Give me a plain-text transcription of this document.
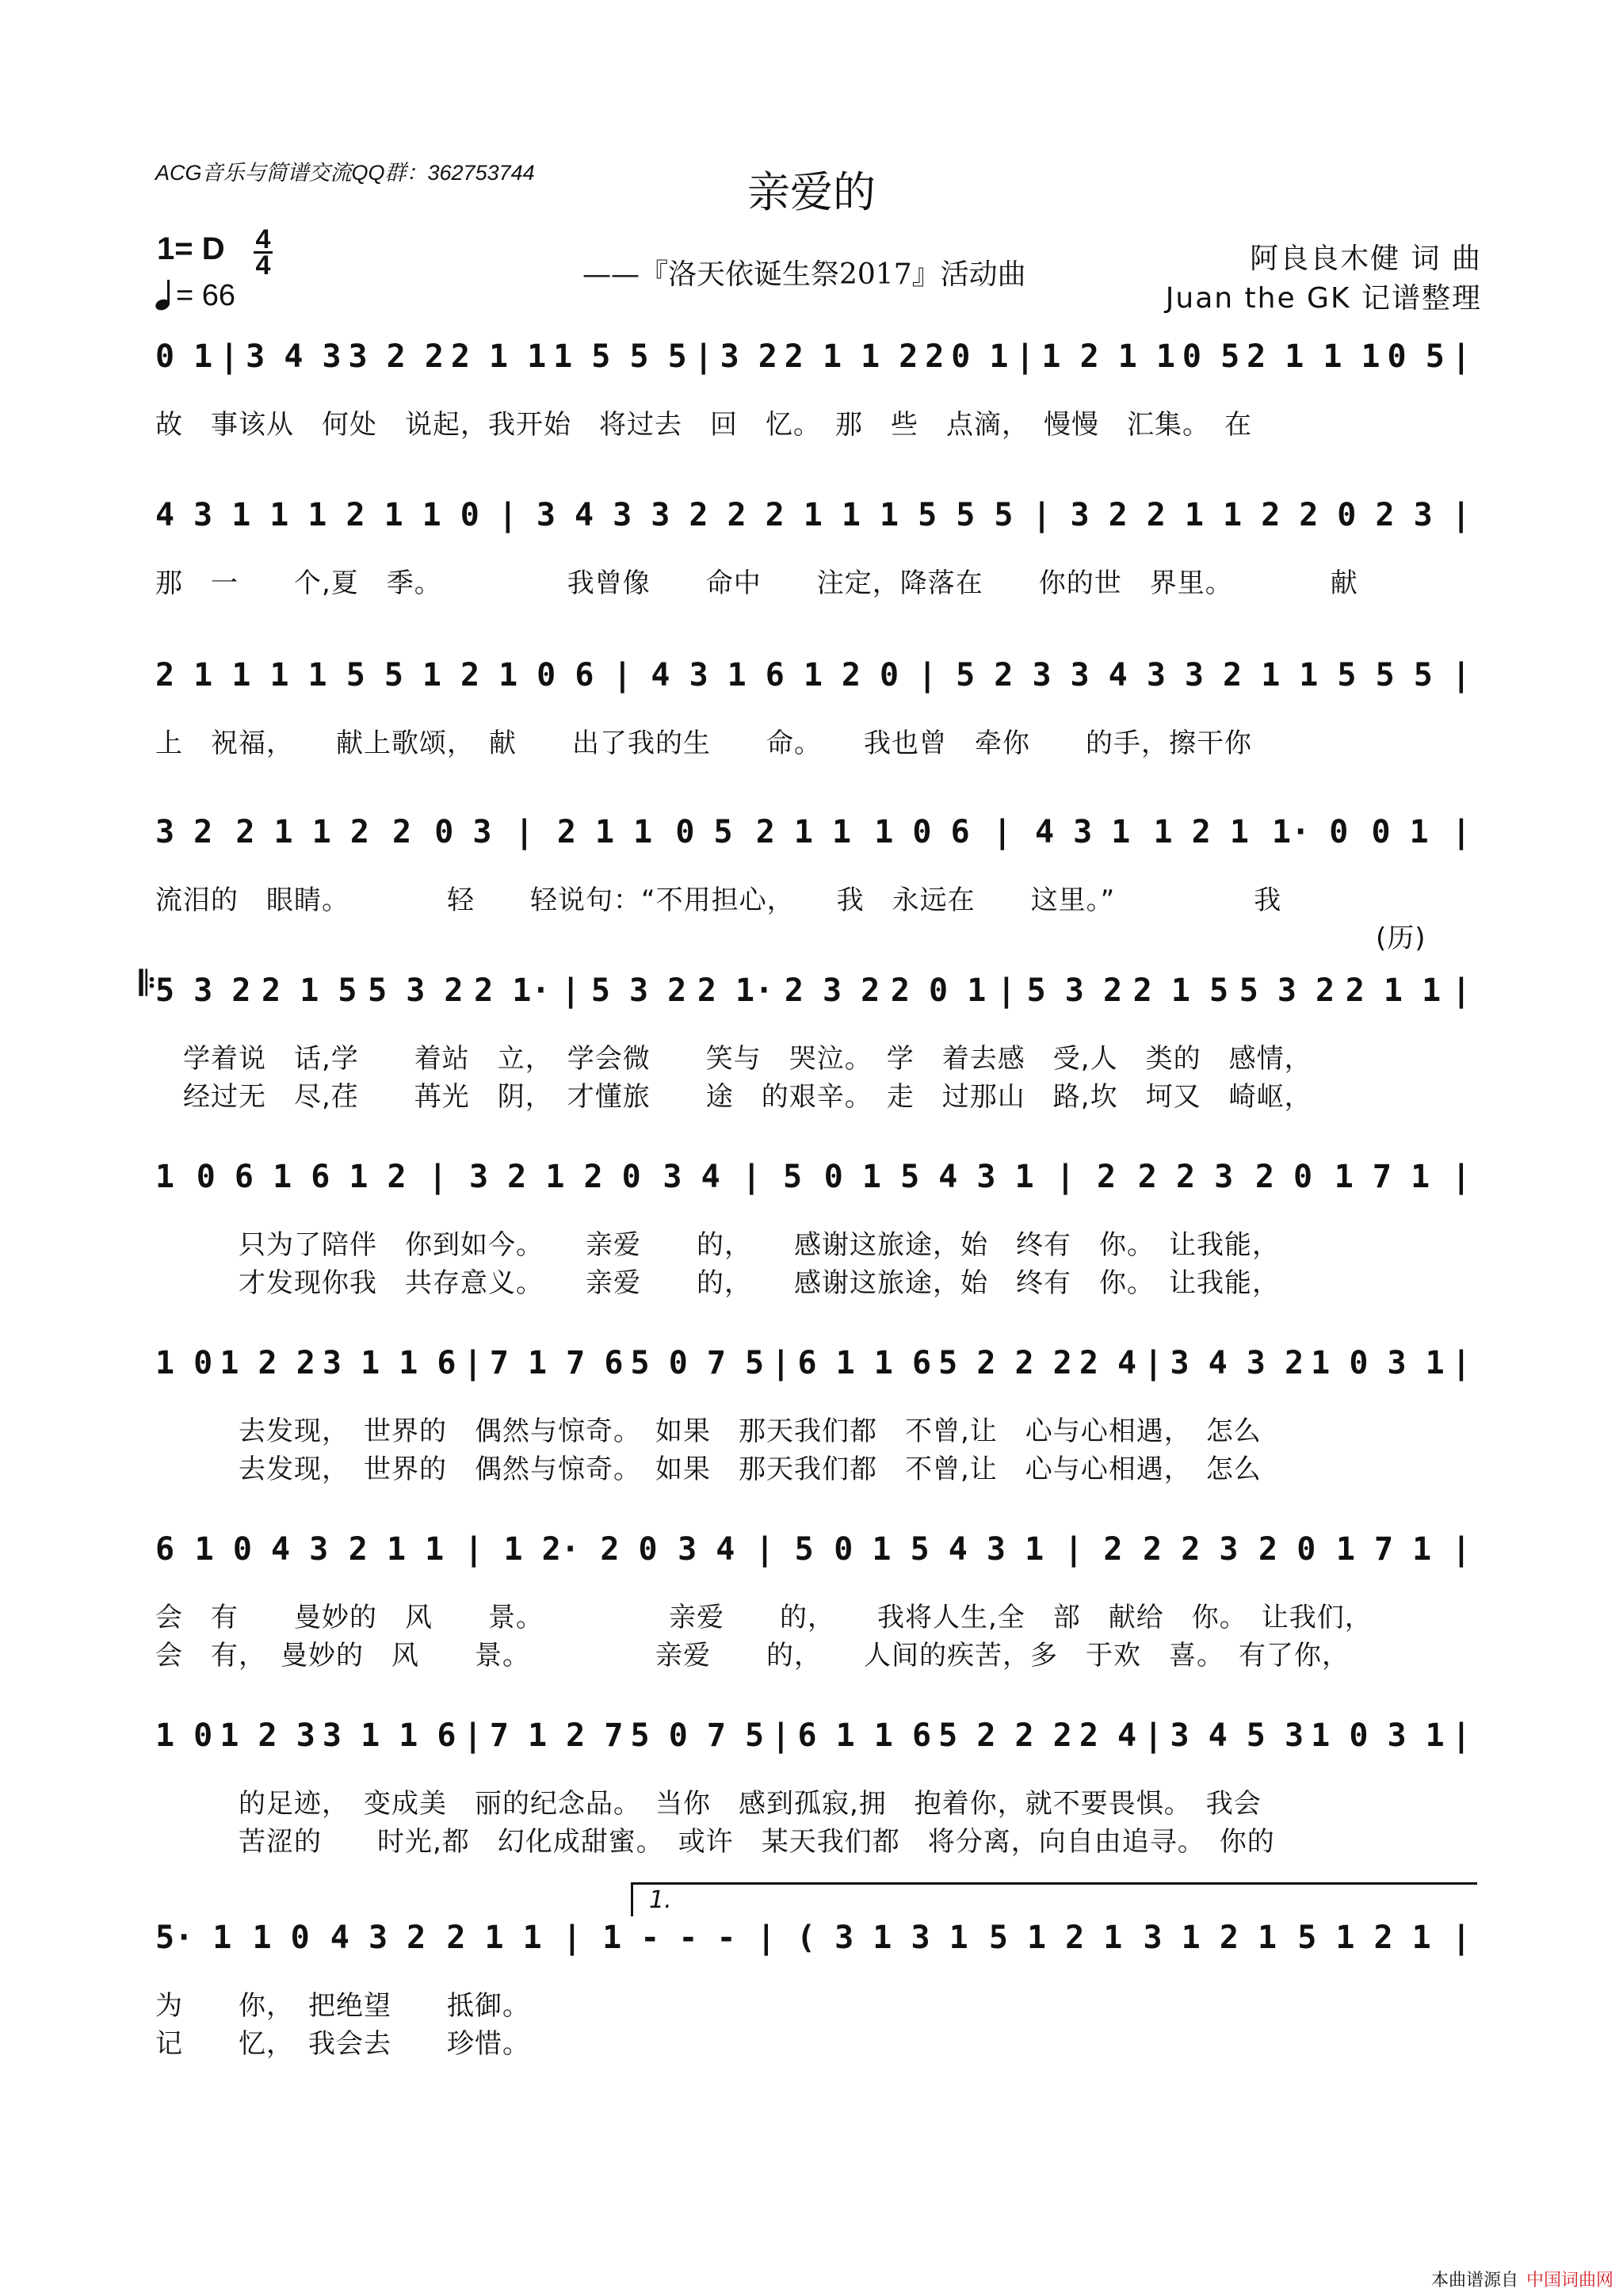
ACG音乐与简谱交流QQ群：362753744	亲爱的
1= D 4
4
= 66
——『洛天依诞生祭2017』活动曲	阿良良木健 词 曲
Juan the GK 记谱整理
0 1 | 3 4 3 3 2 2 2 1 1 1 5 5 5 | 3 2 2 1 1 2 2 0 1 | 1 2 1 1 0 5 2 1 1 1 0 5 |
故　事该从　何处　说起，我开始　将过去　回　忆。　那　些　点滴，　慢慢　汇集。　在
4 3 1 1 1 2 1 1 0 | 3 4 3 3 2 2 2 1 1 1 5 5 5 | 3 2 2 1 1 2 2 0 2 3 |
那　一　　个,夏　季。　　　　　我曾像　　命中　　注定，降落在　　你的世　界里。　　　　献
2 1 1 1 1 5 5 1 2 1 0 6 | 4 3 1 6 1 2 0 | 5 2 3 3 4 3 3 2 1 1 5 5 5 |
上　祝福，　　献上歌颂，　献　　出了我的生　　命。　　我也曾　牵你　　的手，擦干你
3 2 2 1 1 2 2 0 3 | 2 1 1 0 5 2 1 1 1 0 6 | 4 3 1 1 2 1 1· 0 0 1 |
流泪的　眼睛。　　　　轻　　轻说句：“不用担心，　　我　永远在　　这里。”　　　　　我
　　　　　　　　　　　　　　　　　　　　　　　　　　　　　　　　　　　　　　　　　　　　(历)
𝄆 5 3 2 2 1 5 5 3 2 2 1· | 5 3 2 2 1· 2 3 2 2 0 1 | 5 3 2 2 1 5 5 3 2 2 1 1 |
　学着说　话,学　　着站　立，　学会微　　笑与　哭泣。　学　着去感　受,人　类的　感情，
　经过无　尽,荏　　苒光　阴，　才懂旅　　途　的艰辛。　走　过那山　路,坎　坷又　崎岖，
1 0 6 1 6 1 2 | 3 2 1 2 0 3 4 | 5 0 1 5 4 3 1 | 2 2 2 3 2 0 1 7 1 |
　　　只为了陪伴　你到如今。　　亲爱　　的，　　感谢这旅途，始　终有　你。　让我能，
　　　才发现你我　共存意义。　　亲爱　　的，　　感谢这旅途，始　终有　你。　让我能，
1 0 1 2 2 3 1 1 6 | 7 1 7 6 5 0 7 5 | 6 1 1 6 5 2 2 2 2 4 | 3 4 3 2 1 0 3 1 |
　　　去发现，　世界的　偶然与惊奇。　如果　那天我们都　不曾,让　心与心相遇，　怎么
　　　去发现，　世界的　偶然与惊奇。　如果　那天我们都　不曾,让　心与心相遇，　怎么
6 1 0 4 3 2 1 1 | 1 2· 2 0 3 4 | 5 0 1 5 4 3 1 | 2 2 2 3 2 0 1 7 1 |
会　有　　曼妙的　风　　景。　　　　　亲爱　　的，　　我将人生,全　部　献给　你。　让我们，
会　有，　曼妙的　风　　景。　　　　　亲爱　　的，　　人间的疾苦，多　于欢　喜。　有了你，
1 0 1 2 3 3 1 1 6 | 7 1 2 7 5 0 7 5 | 6 1 1 6 5 2 2 2 2 4 | 3 4 5 3 1 0 3 1 |
　　　的足迹，　变成美　丽的纪念品。　当你　感到孤寂,拥　抱着你，就不要畏惧。　我会
　　　苦涩的　　时光,都　幻化成甜蜜。　或许　某天我们都　将分离，向自由追寻。　你的
5· 1 1 0 4 3 2 2 1 1 | 1 - - - | ( 3 1 3 1 5 1 2 1 3 1 2 1 5 1 2 1 |
为　　你，　把绝望　　抵御。
记　　忆，　我会去　　珍惜。
1.
本曲谱源自 中国词曲网
